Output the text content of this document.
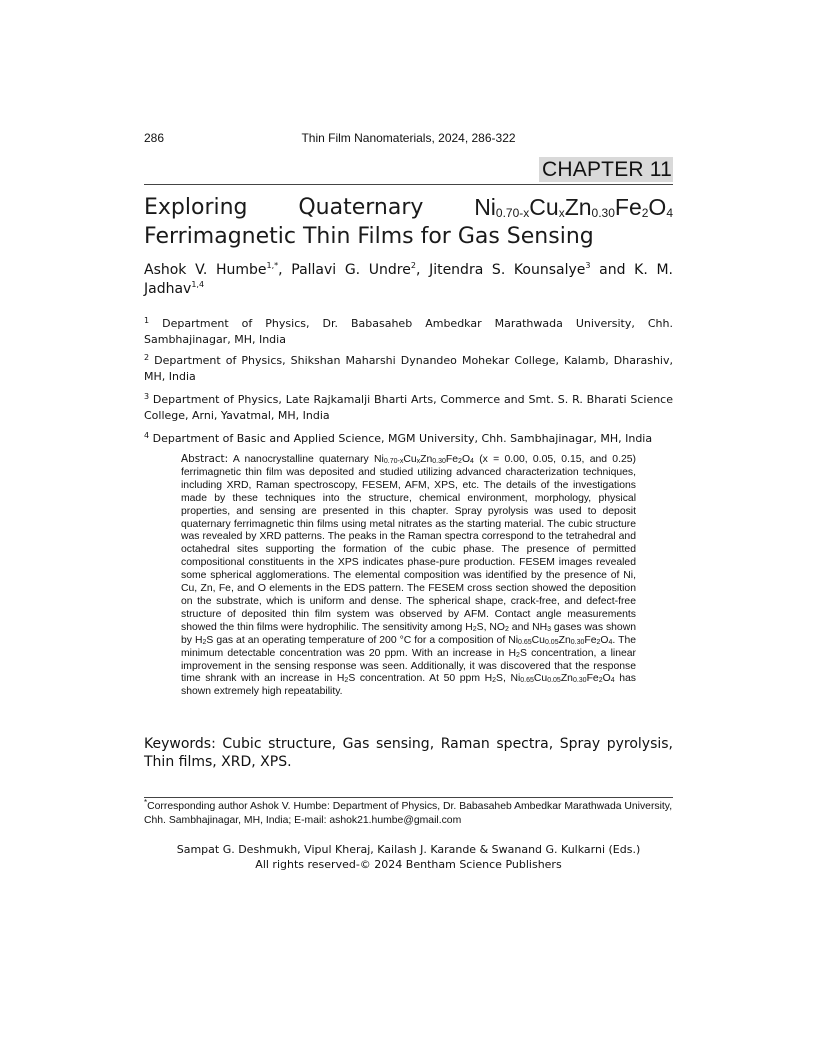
286	Thin Film Nanomaterials, 2024, 286-322
CHAPTER 11
Exploring Quaternary $Ni_{0.70-x}Cu_xZn_{0.30}Fe_2O_4$
Ferrimagnetic Thin Films for Gas Sensing
Ashok V. Humbe$^{1,*}$, Pallavi G. Undre$^2$, Jitendra S. Kounsalye$^3$ and K. M. Jadhav$^{1,4}$
$^1$ Department of Physics, Dr. Babasaheb Ambedkar Marathwada University, Chh. Sambhajinagar, MH, India
$^2$ Department of Physics, Shikshan Maharshi Dynandeo Mohekar College, Kalamb, Dharashiv, MH, India
$^3$ Department of Physics, Late Rajkamalji Bharti Arts, Commerce and Smt. S. R. Bharati Science College, Arni, Yavatmal, MH, India
$^4$ Department of Basic and Applied Science, MGM University, Chh. Sambhajinagar, MH, India
Abstract: A nanocrystalline quaternary $Ni_{0.70-x}Cu_xZn_{0.30}Fe_2O_4$ (x = 0.00, 0.05, 0.15, and 0.25) ferrimagnetic thin film was deposited and studied utilizing advanced characterization techniques, including XRD, Raman spectroscopy, FESEM, AFM, XPS, etc. The details of the investigations made by these techniques into the structure, chemical environment, morphology, physical properties, and sensing are presented in this chapter. Spray pyrolysis was used to deposit quaternary ferrimagnetic thin films using metal nitrates as the starting material. The cubic structure was revealed by XRD patterns. The peaks in the Raman spectra correspond to the tetrahedral and octahedral sites supporting the formation of the cubic phase. The presence of permitted compositional constituents in the XPS indicates phase-pure production. FESEM images revealed some spherical agglomerations. The elemental composition was identified by the presence of Ni, Cu, Zn, Fe, and O elements in the EDS pattern. The FESEM cross section showed the deposition on the substrate, which is uniform and dense. The spherical shape, crack-free, and defect-free structure of deposited thin film system was observed by AFM. Contact angle measurements showed the thin films were hydrophilic. The sensitivity among $H_2S$, $NO_2$ and $NH_3$ gases was shown by $H_2S$ gas at an operating temperature of 200 °C for a composition of $Ni_{0.65}Cu_{0.05}Zn_{0.30}Fe_2O_4$. The minimum detectable concentration was 20 ppm. With an increase in $H_2S$ concentration, a linear improvement in the sensing response was seen. Additionally, it was discovered that the response time shrank with an increase in $H_2S$ concentration. At 50 ppm $H_2S$, $Ni_{0.65}Cu_{0.05}Zn_{0.30}Fe_2O_4$ has shown extremely high repeatability.
Keywords: Cubic structure, Gas sensing, Raman spectra, Spray pyrolysis, Thin films, XRD, XPS.
*Corresponding author Ashok V. Humbe: Department of Physics, Dr. Babasaheb Ambedkar Marathwada University, Chh. Sambhajinagar, MH, India; E-mail: ashok21.humbe@gmail.com
Sampat G. Deshmukh, Vipul Kheraj, Kailash J. Karande & Swanand G. Kulkarni (Eds.)
All rights reserved-© 2024 Bentham Science Publishers
